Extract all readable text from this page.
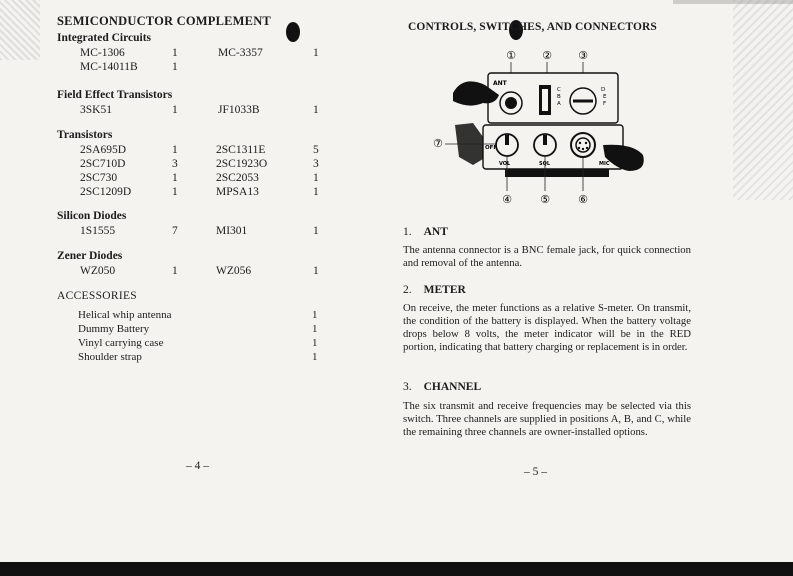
SEMICONDUCTOR COMPLEMENT
Integrated Circuits
MC-1306	1	MC-3357	1
MC-14011B	1
Field Effect Transistors
3SK51	1	JF1033B	1
Transistors
2SA695D	1	2SC1311E	5
2SC710D	3	2SC1923O	3
2SC730	1	2SC2053	1
2SC1209D	1	MPSA13	1
Silicon Diodes
1S1555	7	MI301	1
Zener Diodes
WZ050	1	WZ056	1
ACCESSORIES
Helical whip antenna	1
Dummy Battery	1
Vinyl carrying case	1
Shoulder strap	1
– 4 –
CONTROLS, SWITCHES, AND CONNECTORS
① ② ③
ANT
C
B
A
D
E
F
⑦	OFF
VOL	SQL	MIC
④	⑤	⑥
1. ANT
The antenna connector is a BNC female jack, for quick connection and removal of the antenna.
2. METER
On receive, the meter functions as a relative S-meter. On transmit, the condition of the battery is displayed. When the battery voltage drops below 8 volts, the meter indicator will be in the RED portion, indicating that battery charging or replacement is in order.
3. CHANNEL
The six transmit and receive frequencies may be selected via this switch. Three channels are supplied in positions A, B, and C, while the remaining three channels are owner-installed options.
– 5 –
